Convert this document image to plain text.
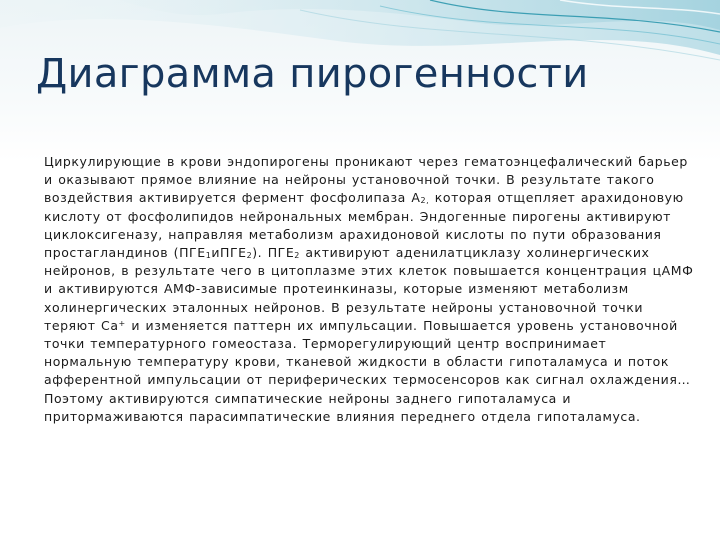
Диаграмма пирогенности

Циркулирующие в крови эндопирогены проникают через гематоэнцефалический барьер и оказывают прямое влияние на нейроны установочной точки. В результате такого воздействия активируется фермент фосфолипаза $А_{2,}$ которая отщепляет арахидоновую кислоту от фосфолипидов нейрональных мембран. Эндогенные пирогены активируют циклоксигеназу, направляя метаболизм арахидоновой кислоты по пути образования простагландинов $(ПГЕ_1иПГЕ_2)$. $ПГЕ_2$ активируют аденилатциклазу холинергических нейронов, в результате чего в цитоплазме этих клеток повышается концентрация цАМФ и активируются АМФ-зависимые протеинкиназы, которые изменяют метаболизм холинергических эталонных нейронов. В результате нейроны установочной точки теряют Са+ и изменяется паттерн их импульсации. Повышается уровень установочной точки температурного гомеостаза. Терморегулирующий центр воспринимает нормальную температуру крови, тканевой жидкости в области гипоталамуса и поток афферентной импульсации от периферических термосенсоров как сигнал охлаждения… Поэтому активируются симпатические нейроны заднего гипоталамуса и притормаживаются парасимпатические влияния переднего отдела гипоталамуса.
